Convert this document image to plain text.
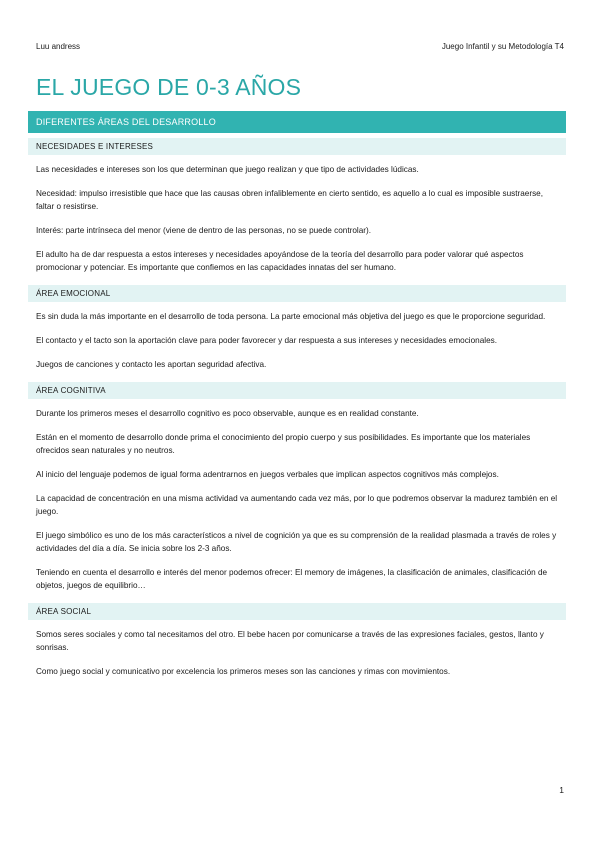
Luu andress	Juego Infantil y su Metodología T4
EL JUEGO DE 0-3 AÑOS
DIFERENTES ÁREAS DEL DESARROLLO
NECESIDADES E INTERESES

Las necesidades e intereses son los que determinan que juego realizan y que tipo de actividades lúdicas.

Necesidad: impulso irresistible que hace que las causas obren infaliblemente en cierto sentido, es aquello a lo cual es imposible sustraerse, faltar o resistirse.

Interés: parte intrínseca del menor (viene de dentro de las personas, no se puede controlar).

El adulto ha de dar respuesta a estos intereses y necesidades apoyándose de la teoría del desarrollo para poder valorar qué aspectos promocionar y potenciar. Es importante que confiemos en las capacidades innatas del ser humano.

ÁREA EMOCIONAL

Es sin duda la más importante en el desarrollo de toda persona. La parte emocional más objetiva del juego es que le proporcione seguridad.

El contacto y el tacto son la aportación clave para poder favorecer y dar respuesta a sus intereses y necesidades emocionales.

Juegos de canciones y contacto les aportan seguridad afectiva.

ÁREA COGNITIVA

Durante los primeros meses el desarrollo cognitivo es poco observable, aunque es en realidad constante.

Están en el momento de desarrollo donde prima el conocimiento del propio cuerpo y sus posibilidades. Es importante que los materiales ofrecidos sean naturales y no neutros.

Al inicio del lenguaje podemos de igual forma adentrarnos en juegos verbales que implican aspectos cognitivos más complejos.

La capacidad de concentración en una misma actividad va aumentando cada vez más, por lo que podremos observar la madurez también en el juego.

El juego simbólico es uno de los más característicos a nivel de cognición ya que es su comprensión de la realidad plasmada a través de roles y actividades del día a día. Se inicia sobre los 2-3 años.

Teniendo en cuenta el desarrollo e interés del menor podemos ofrecer: El memory de imágenes, la clasificación de animales, clasificación de objetos, juegos de equilibrio…

ÁREA SOCIAL

Somos seres sociales y como tal necesitamos del otro. El bebe hacen por comunicarse a través de las expresiones faciales, gestos, llanto y sonrisas.

Como juego social y comunicativo por excelencia los primeros meses son las canciones y rimas con movimientos.

1
